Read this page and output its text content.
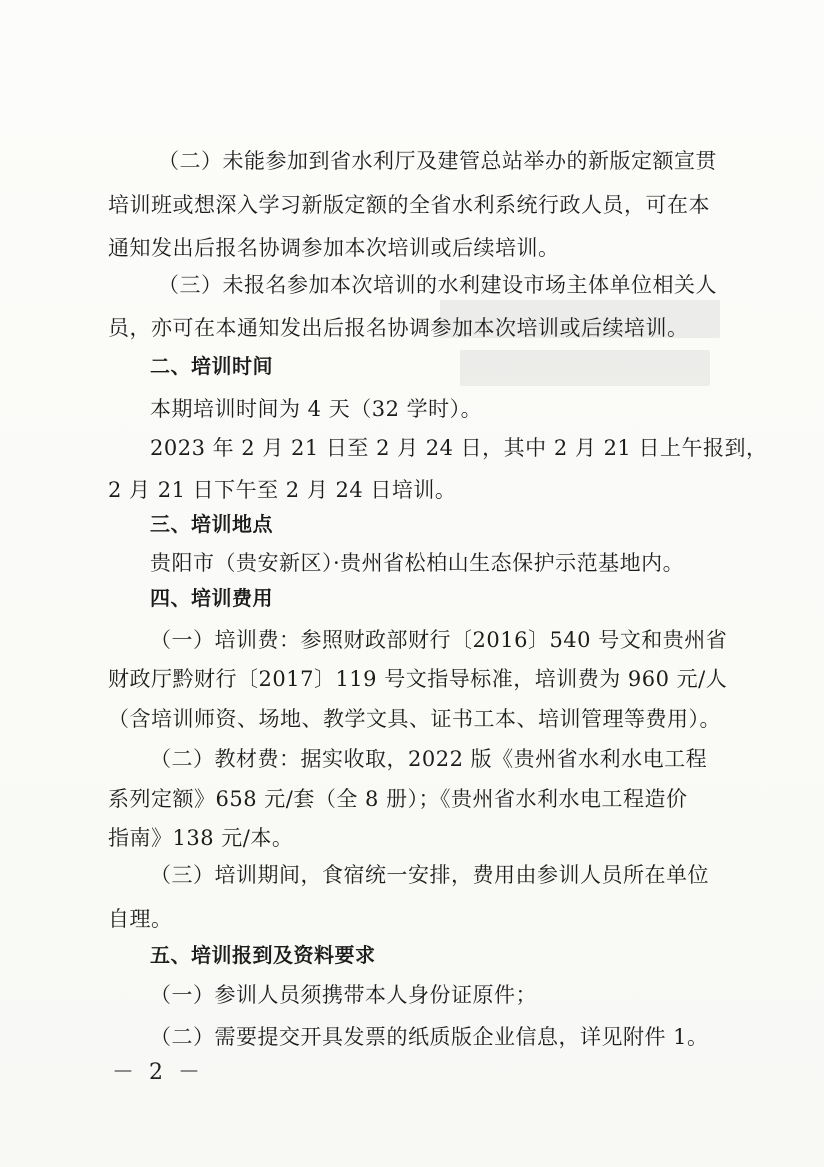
（二）未能参加到省水利厅及建管总站举办的新版定额宣贯
培训班或想深入学习新版定额的全省水利系统行政人员，可在本
通知发出后报名协调参加本次培训或后续培训。
（三）未报名参加本次培训的水利建设市场主体单位相关人
员，亦可在本通知发出后报名协调参加本次培训或后续培训。
二、培训时间
本期培训时间为 4 天（32 学时）。
2023 年 2 月 21 日至 2 月 24 日，其中 2 月 21 日上午报到，
2 月 21 日下午至 2 月 24 日培训。
三、培训地点
贵阳市（贵安新区）·贵州省松柏山生态保护示范基地内。
四、培训费用
（一）培训费：参照财政部财行〔2016〕540 号文和贵州省
财政厅黔财行〔2017〕119 号文指导标准，培训费为 960 元/人
（含培训师资、场地、教学文具、证书工本、培训管理等费用）。
（二）教材费：据实收取，2022 版《贵州省水利水电工程
系列定额》658 元/套（全 8 册）；《贵州省水利水电工程造价
指南》138 元/本。
（三）培训期间，食宿统一安排，费用由参训人员所在单位
自理。
五、培训报到及资料要求
（一）参训人员须携带本人身份证原件；
（二）需要提交开具发票的纸质版企业信息，详见附件 1。
－ 2 －
